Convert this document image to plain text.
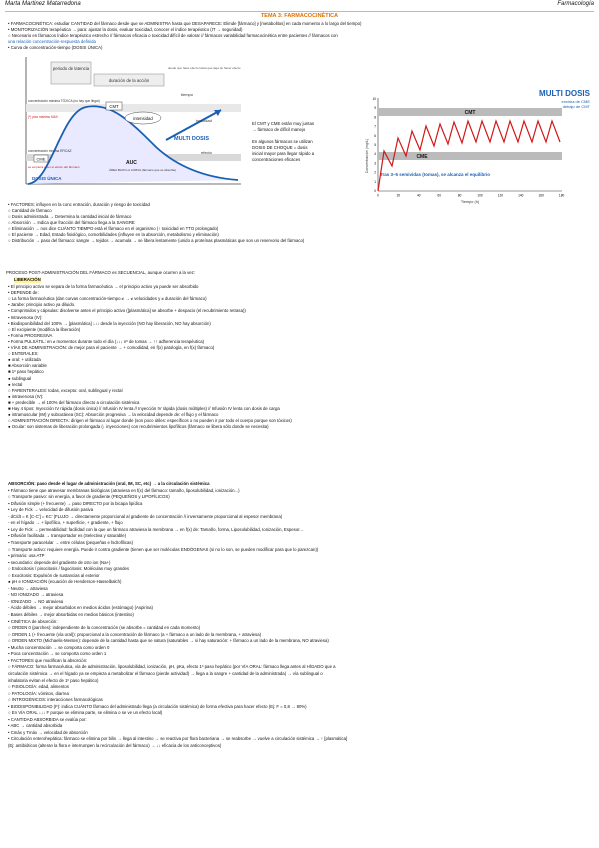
Marta Martinez Matarredona	Farmacología
TEMA 3: FARMACOCINÉTICA
• FARMACOCINÉTICA: estudiar CANTIDAD del fármaco desde que se ADMINISTRA hasta que DESAPARECE: Elimde [fármaco] y [metabolitos] en cada momento a lo largo del tiempo)
• MONITORIZACIÓN terapéutica → para: ajustar la dosis, evaluar toxicidad, conocer el índice terapéutico (IT → seguridad)
○ Necesario en fármacos índice terapéutico estrecho // fármacos eficacia o toxicidad difícil de valorar // fármacos variabilidad farmacocinética entre pacientes // fármacos con
una relación concentración-respuesta definida
• Curva de concentración-tiempo (DOSIS ÚNICA)
periodo de latencia
duración de la acción
desde que hace efecto hasta que deja de hacer efecto
tiempo
concentración máxima TÓXICA (no hay que llegar)
(*) pico máximo MAX
CMT
intensidad	toxicidad
MULTI DOSIS
efecto
concentración mínima EFICAZ
CME
se empieza a ver el efecto del fármaco
AUC
ÁREA BAJO LA CURVA (fármaco que se absorbe)
DOSIS ÚNICA
El CMT y CME están muy juntas
→ fármaco de difícil manejo
En algunos fármacos se utilizan
DOSIS DE CHOQUE = dosis
inicial mayor para llegar rápido a
concentraciones eficaces
MULTI DOSIS
encima de CME
debajo de CMT
Concentración (mg/L)
CMT
CME
Tras 3–5 semividas (tomas), se alcanza el equilibrio
0
1
2
3
4
5
6
7
8
9
10
0	20	40	60	80	100	120	140	160	180
Tiempo (h)
• FACTORES: influyen en la conc entración, duración y riesgo de toxicidad
○ Cantidad de fármaco
○ Dosis administrada → Determina la cantidad inicial de fármaco
○ Absorción → Indica que fracción del fármaco llega a la SANGRE
○ Eliminación → nos dice CUÁNTO TIEMPO está el fármaco en el organismo (↑ toxicidad en TTO prolongado)
○ El paciente → Edad, Estado fisiológico, comorbilidades (influyen en la absorción, metabolismo y eliminación)
○ Distribución → paso del fármaco: sangre → tejidos → acumula → se libera lentamente (unido a proteínas plasmáticas que son un reservorio del fármaco)
PROCESO POST-ADMINISTRACIÓN DEL FÁRMACO es SECUENCIAL, aunque ocurren a la vez:
LIBERACIÓN
• El principio activo se separa de la forma farmacéutica → el principio activo ya puede ser absorbido
• DEPENDE de:
○ La forma farmacéutica (dan curvas concentración-tiempo ≠ → ≠ velocidades y ≠ duración del fármaco)
▪ Jarabe: principio activo ya diluido.
▪ Comprimidos y cápsulas: disolverse antes el principio activo ([plasmática] se absorbe + despacio (el recubrimiento retrasa))
▪ Intravenosa (IV):
• Biodisponibilidad del 100% → [plasmática] ↓↓↓ desde la inyección (NO hay liberación, NO hay absorción)
○ El excipiente (modifica la liberación)
▪ Forma PROGRESIVA
▪ Forma PULSÁTIL: en ≠ momentos durante todo el día (↓↓↓ nº de tomas → ↑↑ adherencia terapéutica)
• VÍAS DE ADMINISTRACIÓN: de mejor para el paciente → + comodidad, en f(x) patología, en f(x) fármaco)
○ ENTERALES:
● oral: + utilizada
■ Absorción variable
■ 1º paso hepático
● sublingual
● rectal
○ PARENTERALES: todas, excepto: oral, sublingual y rectal
● intravenosa (IV):
■ + predecible → el 100% del fármaco directo a circulación sistémica
■ Hay 4 tipos: Inyección IV rápida (dosis única) // Infusión IV lenta // Inyección IV rápida (dosis múltiples) // Infusión IV lenta con dosis de carga
● intramuscular (IM) y subcutánea (SC): Absorción progresiva → la velocidad depende de: el flujo y el fármaco
○ ADMINISTRACIÓN DIRECTA: dirigen el fármaco al lugar donde (son poco útiles: específicos o no pueden ir por todo el cuerpo porque son tóxicos)
● Ocular: son sistemas de liberación prolongada (↓ inyecciones) con recubrimientos lipofílicos (fármaco se libera sólo donde se necesita)
ABSORCIÓN: paso desde el lugar de administración (oral, IM, SC, etc) → a la circulación sistémica
• Fármaco tiene que atravesar membranas biológicas (atraviesa en f(x) del fármaco: tamaño, liposolubilidad, ionización...)
○ Transporte pasivo: sin energía, a favor de gradiente (PEQUEÑOS y LIPOFÍLICOS)
▪ Difusión simple (+ frecuente) → paso DIRECTO por la bicapa lipídica
• Ley de Fick → velocidad de difusión pasiva
- dC/dt = K [C-C'] = KC' (FLUJO → directamente proporcional al gradiente de concentración // inversamente proporcional al espesor membrana)
- en el hígado → + lipofílico, + superficie, + gradiente, + flujo
• Ley de Fick → permeabilidad: facilidad con la que un fármaco atraviesa la membrana → en f(x) de: Tamaño, forma, Liposolubilidad, Ionización, Espesor...
▪ Difusión facilitada → transportador es (Selectiva y saturable)
▪ Transporte paracelular → entre células (pequeñas e hidrofílicas)
○ Transporte activo: requiere energía. Puede ir contra gradiente (tienen que ser moléculas ENDÓGENAS (si no lo son, se pueden modificar para que lo parezcan))
▪ primario: usa ATP
▪ secundario: depende del gradiente de otro ion (Na+)
○ Endocitosis / pinocitosis / fagocitosis: Moléculas muy grandes
○ Exocitosis: Expulsión de sustancias al exterior
● pH e IONIZACIÓN (ecuación de Henderson-Hasselbalch)
- Neutro → atraviesa
- NO IONIZADO → atraviesa
- IONIZADO → NO atraviesa
- Ácido débiles → mejor absorbidos en medios ácidos (estómago) (Aspirina)
- Bases débiles → mejor absorbidas en medios básicos (intestino)
• CINÉTICA de absorción:
○ ORDEN 0 (parches): independiente de la concentración (se absorbe = cantidad en cada momento)
○ ORDEN 1 (+ frecuente (vía oral)): proporcional a la concentración de fármaco (a + fármaco a un lado de la membrana, + atraviesa)
○ ORDEN MIXTO (Michaelis-Menten): depende de la cantidad hasta que se satura (saturables → si hay saturación: + fármaco a un lado de la membrana, NO atraviesa)
▪ Mucha concentración → se comporta como orden 0
▪ Poca concentración → se comporta como orden 1
• FACTORES que modifican la absorción:
○ FÁRMACO: forma farmacéutica, vía de administración, liposolubilidad, ionización, pH, pKa, efecto 1º paso hepático (por VÍA ORAL: fármaco llega antes al HÍGADO que a
circulación sistémica → en el hígado ya se empieza a metabolizar el fármaco (pierde actividad) → llega a la sangre + cantidad de la administrada) → vía sublingual o
inhalatoria evitan el efecto de 1º paso hepático)
○ FISIOLOGÍA: edad, alimentos
○ PATOLOGÍA: vómitos, diarrea
○ INTROGÉNICOS: interacciones farmacológicas
• BIODISPONIBILIDAD (F): indica CUÁNTO fármaco del administrado llega (a circulación sistémica) de forma efectiva para hacer efecto (Ej: F = 0,8 → 80%)
○ En VÍA ORAL ↓↓↓ F porque se elimina parte, se elimina o se ve un efecto local)
▪ CANTIDAD ABSORBIDA se evalúa por:
• ABC → cantidad absorbida
• Cmáx y Tmáx → velocidad de absorción
• Circulación enterohepática: fármaco se elimina por bilis → llega al intestino → se reactiva por flora bacteriana → se reabsorbe → vuelve a circulación sistémica → ↑ [plasmática]
(Ej: antibióticos (alteran la flora e interrumpen la recirculación del fármaco) → ↓↓ eficacia de los anticonceptivos)
